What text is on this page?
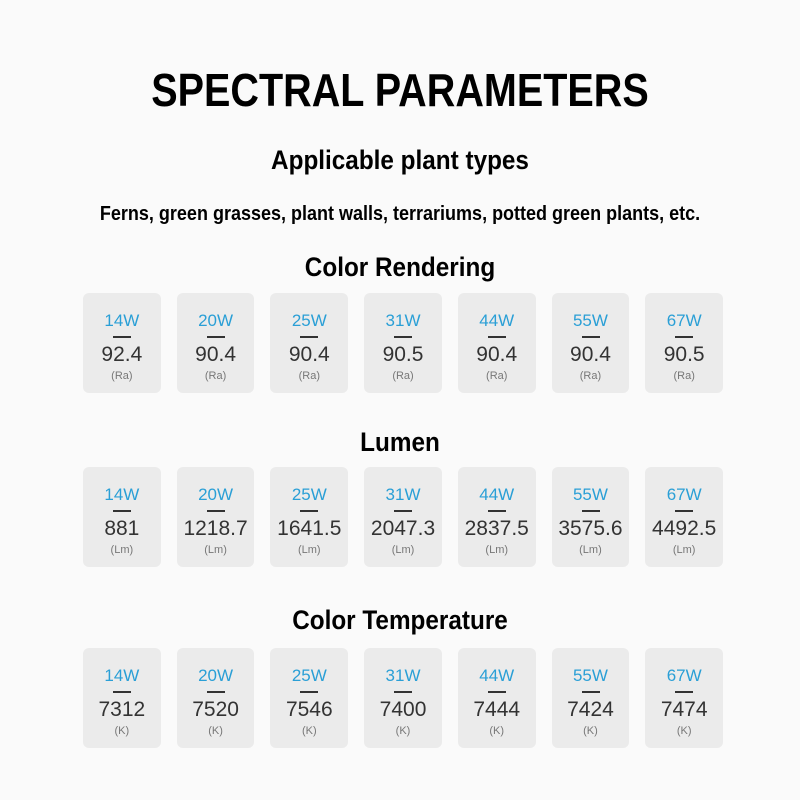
SPECTRAL PARAMETERS
Applicable plant types
Ferns, green grasses, plant walls, terrariums, potted green plants, etc.
Color Rendering
14W
92.4
(Ra)
20W
90.4
(Ra)
25W
90.4
(Ra)
31W
90.5
(Ra)
44W
90.4
(Ra)
55W
90.4
(Ra)
67W
90.5
(Ra)
Lumen
14W
881
(Lm)
20W
1218.7
(Lm)
25W
1641.5
(Lm)
31W
2047.3
(Lm)
44W
2837.5
(Lm)
55W
3575.6
(Lm)
67W
4492.5
(Lm)
Color Temperature
14W
7312
(K)
20W
7520
(K)
25W
7546
(K)
31W
7400
(K)
44W
7444
(K)
55W
7424
(K)
67W
7474
(K)
